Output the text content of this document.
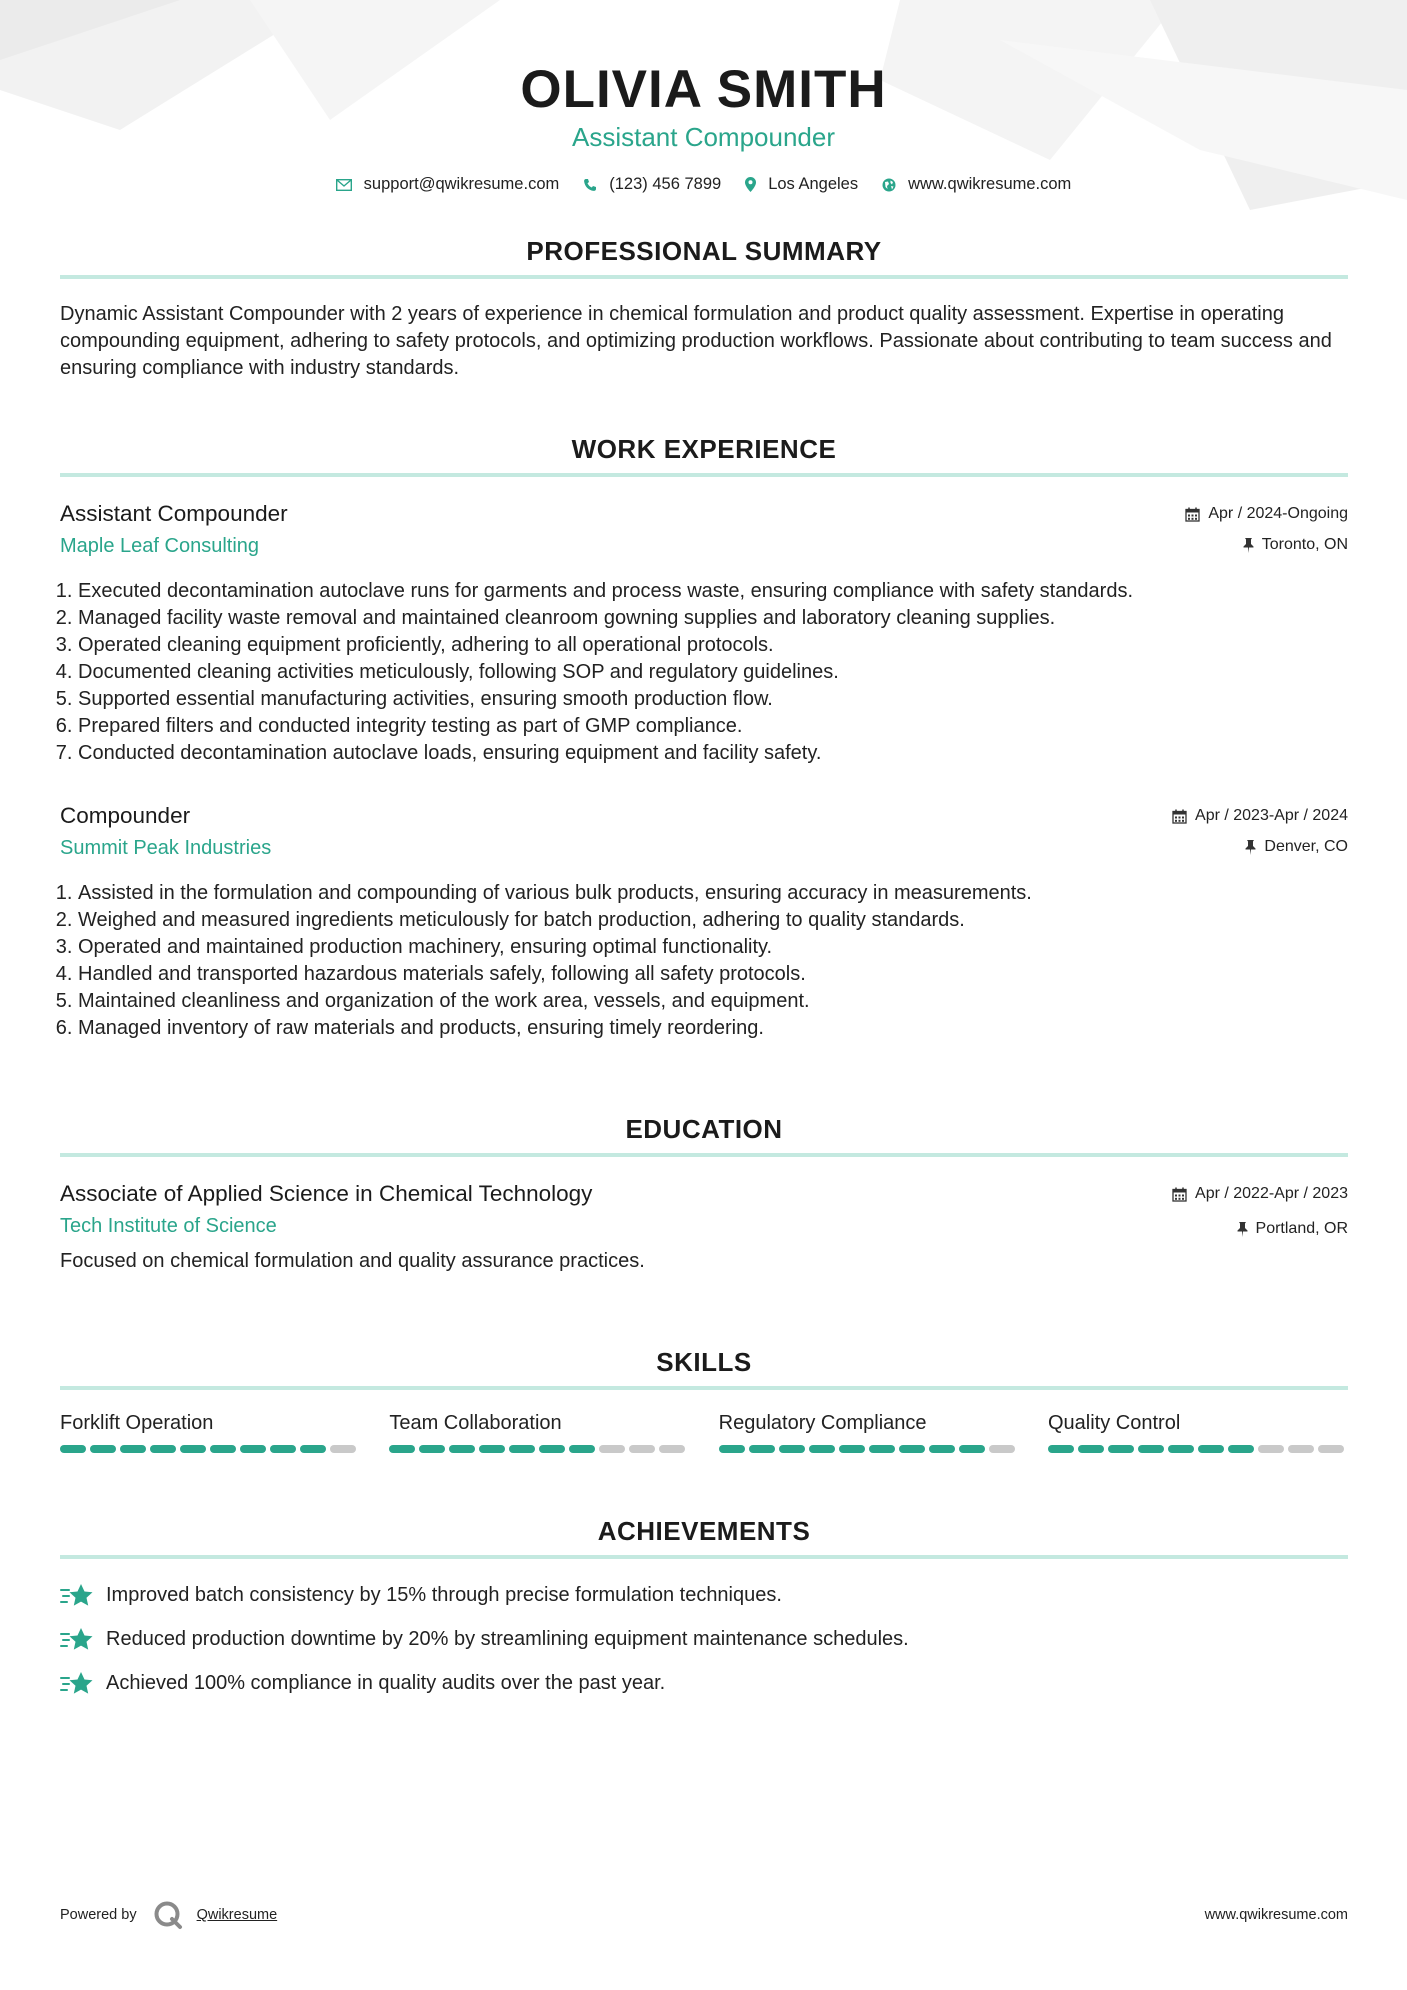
OLIVIA SMITH
Assistant Compounder
support@qwikresume.com	(123) 456 7899	Los Angeles	www.qwikresume.com
PROFESSIONAL SUMMARY
Dynamic Assistant Compounder with 2 years of experience in chemical formulation and product quality assessment. Expertise in operating compounding equipment, adhering to safety protocols, and optimizing production workflows. Passionate about contributing to team success and ensuring compliance with industry standards.
WORK EXPERIENCE
Assistant Compounder
Maple Leaf Consulting
Apr / 2024-Ongoing
Toronto, ON
1. Executed decontamination autoclave runs for garments and process waste, ensuring compliance with safety standards.
2. Managed facility waste removal and maintained cleanroom gowning supplies and laboratory cleaning supplies.
3. Operated cleaning equipment proficiently, adhering to all operational protocols.
4. Documented cleaning activities meticulously, following SOP and regulatory guidelines.
5. Supported essential manufacturing activities, ensuring smooth production flow.
6. Prepared filters and conducted integrity testing as part of GMP compliance.
7. Conducted decontamination autoclave loads, ensuring equipment and facility safety.
Compounder
Summit Peak Industries
Apr / 2023-Apr / 2024
Denver, CO
1. Assisted in the formulation and compounding of various bulk products, ensuring accuracy in measurements.
2. Weighed and measured ingredients meticulously for batch production, adhering to quality standards.
3. Operated and maintained production machinery, ensuring optimal functionality.
4. Handled and transported hazardous materials safely, following all safety protocols.
5. Maintained cleanliness and organization of the work area, vessels, and equipment.
6. Managed inventory of raw materials and products, ensuring timely reordering.
EDUCATION
Associate of Applied Science in Chemical Technology
Tech Institute of Science
Apr / 2022-Apr / 2023
Portland, OR
Focused on chemical formulation and quality assurance practices.
SKILLS
Forklift Operation	Team Collaboration	Regulatory Compliance	Quality Control
ACHIEVEMENTS
Improved batch consistency by 15% through precise formulation techniques.
Reduced production downtime by 20% by streamlining equipment maintenance schedules.
Achieved 100% compliance in quality audits over the past year.
Powered by	Qwikresume	www.qwikresume.com
